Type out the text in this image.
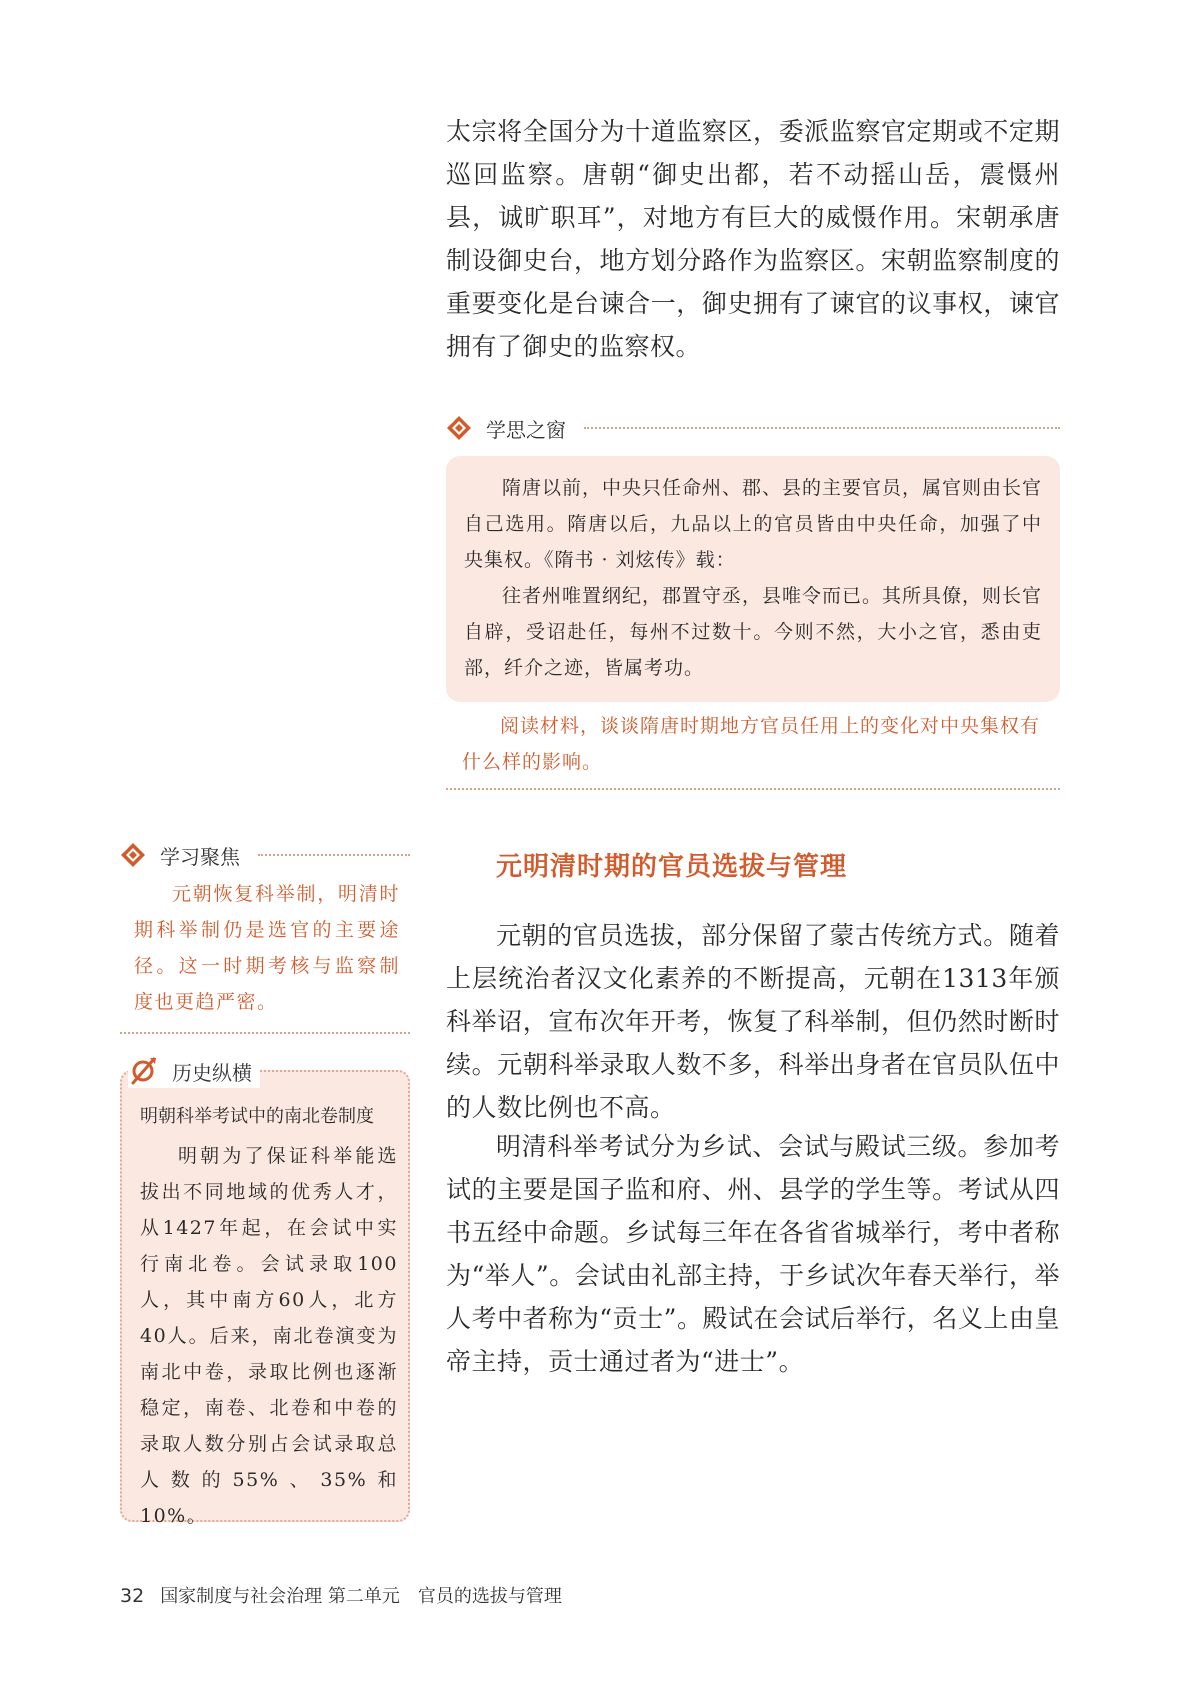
太宗将全国分为十道监察区，委派监察官定期或不定期巡回监察。唐朝“御史出都，若不动摇山岳，震慑州县，诚旷职耳”，对地方有巨大的威慑作用。宋朝承唐制设御史台，地方划分路作为监察区。宋朝监察制度的重要变化是台谏合一，御史拥有了谏官的议事权，谏官拥有了御史的监察权。

学思之窗

隋唐以前，中央只任命州、郡、县的主要官员，属官则由长官自己选用。隋唐以后，九品以上的官员皆由中央任命，加强了中央集权。《隋书 · 刘炫传》载：

往者州唯置纲纪，郡置守丞，县唯令而已。其所具僚，则长官自辟，受诏赴任，每州不过数十。今则不然，大小之官，悉由吏部，纤介之迹，皆属考功。

阅读材料，谈谈隋唐时期地方官员任用上的变化对中央集权有什么样的影响。

元明清时期的官员选拔与管理

元朝的官员选拔，部分保留了蒙古传统方式。随着上层统治者汉文化素养的不断提高，元朝在1313年颁科举诏，宣布次年开考，恢复了科举制，但仍然时断时续。元朝科举录取人数不多，科举出身者在官员队伍中的人数比例也不高。

明清科举考试分为乡试、会试与殿试三级。参加考试的主要是国子监和府、州、县学的学生等。考试从四书五经中命题。乡试每三年在各省省城举行，考中者称为“举人”。会试由礼部主持，于乡试次年春天举行，举人考中者称为“贡士”。殿试在会试后举行，名义上由皇帝主持，贡士通过者为“进士”。

学习聚焦

元朝恢复科举制，明清时期科举制仍是选官的主要途径。这一时期考核与监察制度也更趋严密。

历史纵横

明朝科举考试中的南北卷制度

明朝为了保证科举能选拔出不同地域的优秀人才，从1427年起，在会试中实行南北卷。会试录取100人，其中南方60人，北方40人。后来，南北卷演变为南北中卷，录取比例也逐渐稳定，南卷、北卷和中卷的录取人数分别占会试录取总人数的55%、35%和10%。

32 国家制度与社会治理 第二单元　官员的选拔与管理
